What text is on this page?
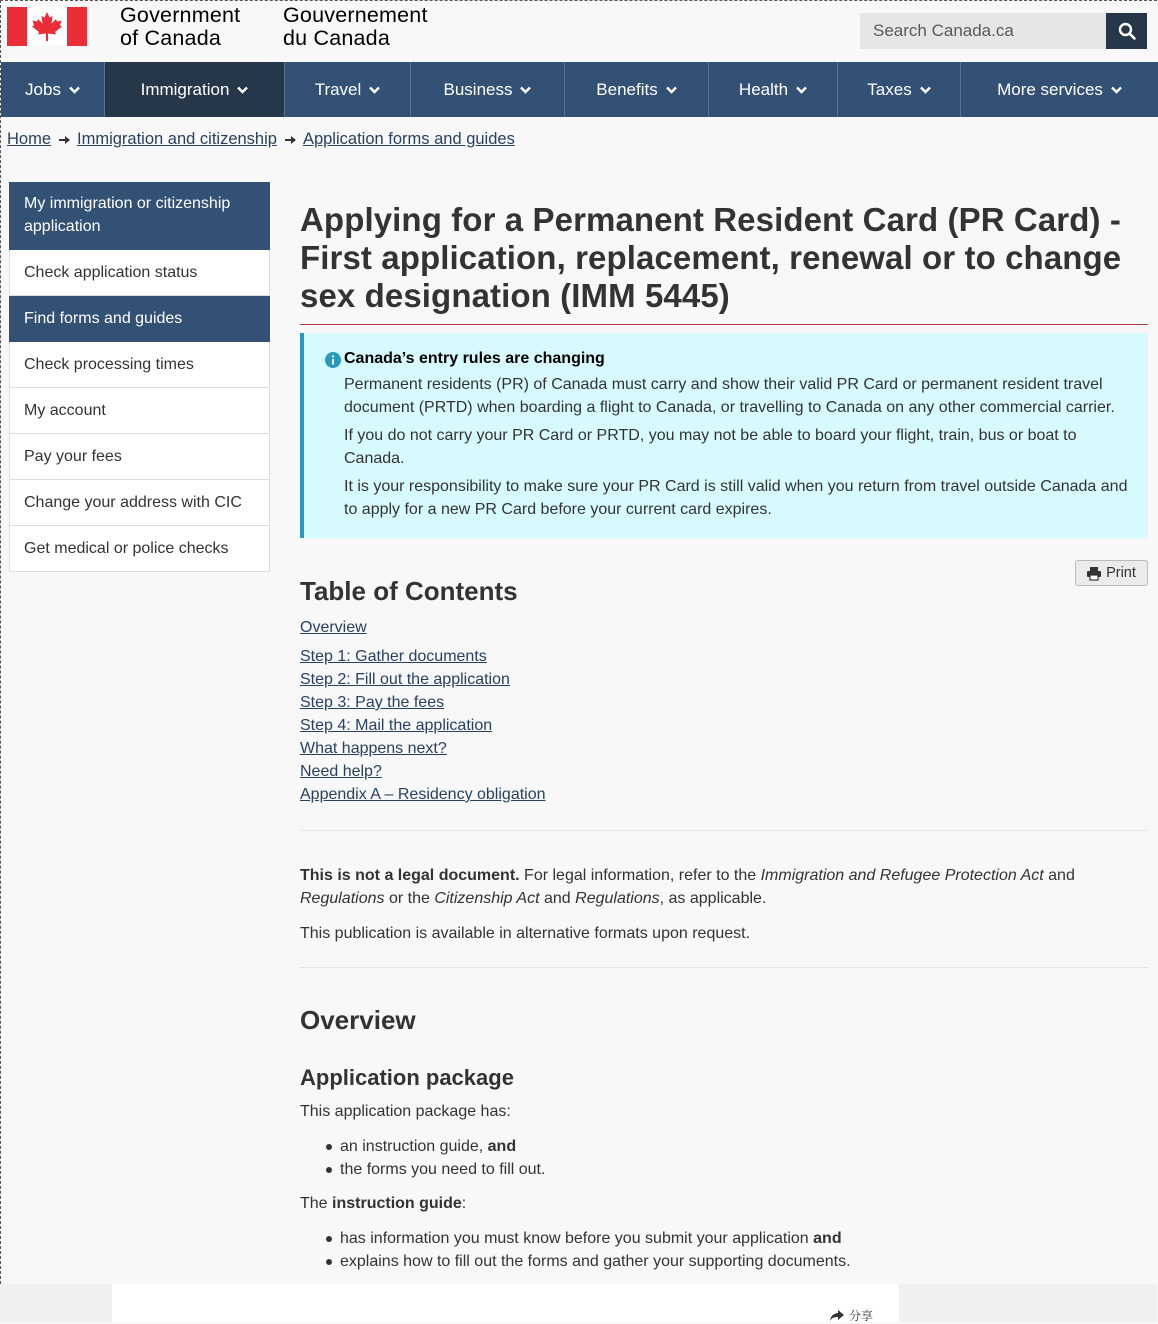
Government
of Canada
Gouvernement
du Canada
Search Canada.ca
Jobs	Immigration	Travel	Business	Benefits	Health	Taxes	More services
Home Immigration and citizenship Application forms and guides
My immigration or citizenship application
Check application status
Find forms and guides
Check processing times
My account
Pay your fees
Change your address with CIC
Get medical or police checks
Applying for a Permanent Resident Card (PR Card) - First application, replacement, renewal or to change sex designation (IMM 5445)
Canada’s entry rules are changing

Permanent residents (PR) of Canada must carry and show their valid PR Card or permanent resident travel document (PRTD) when boarding a flight to Canada, or travelling to Canada on any other commercial carrier.

If you do not carry your PR Card or PRTD, you may not be able to board your flight, train, bus or boat to Canada.

It is your responsibility to make sure your PR Card is still valid when you return from travel outside Canada and to apply for a new PR Card before your current card expires.

Print
Table of Contents
Overview
Step 1: Gather documents
Step 2: Fill out the application
Step 3: Pay the fees
Step 4: Mail the application
What happens next?
Need help?
Appendix A – Residency obligation

This is not a legal document. For legal information, refer to the Immigration and Refugee Protection Act and Regulations or the Citizenship Act and Regulations, as applicable.

This publication is available in alternative formats upon request.

Overview
Application package

This application package has:

an instruction guide, and
the forms you need to fill out.

The instruction guide:

has information you must know before you submit your application and
explains how to fill out the forms and gather your supporting documents.

分享
